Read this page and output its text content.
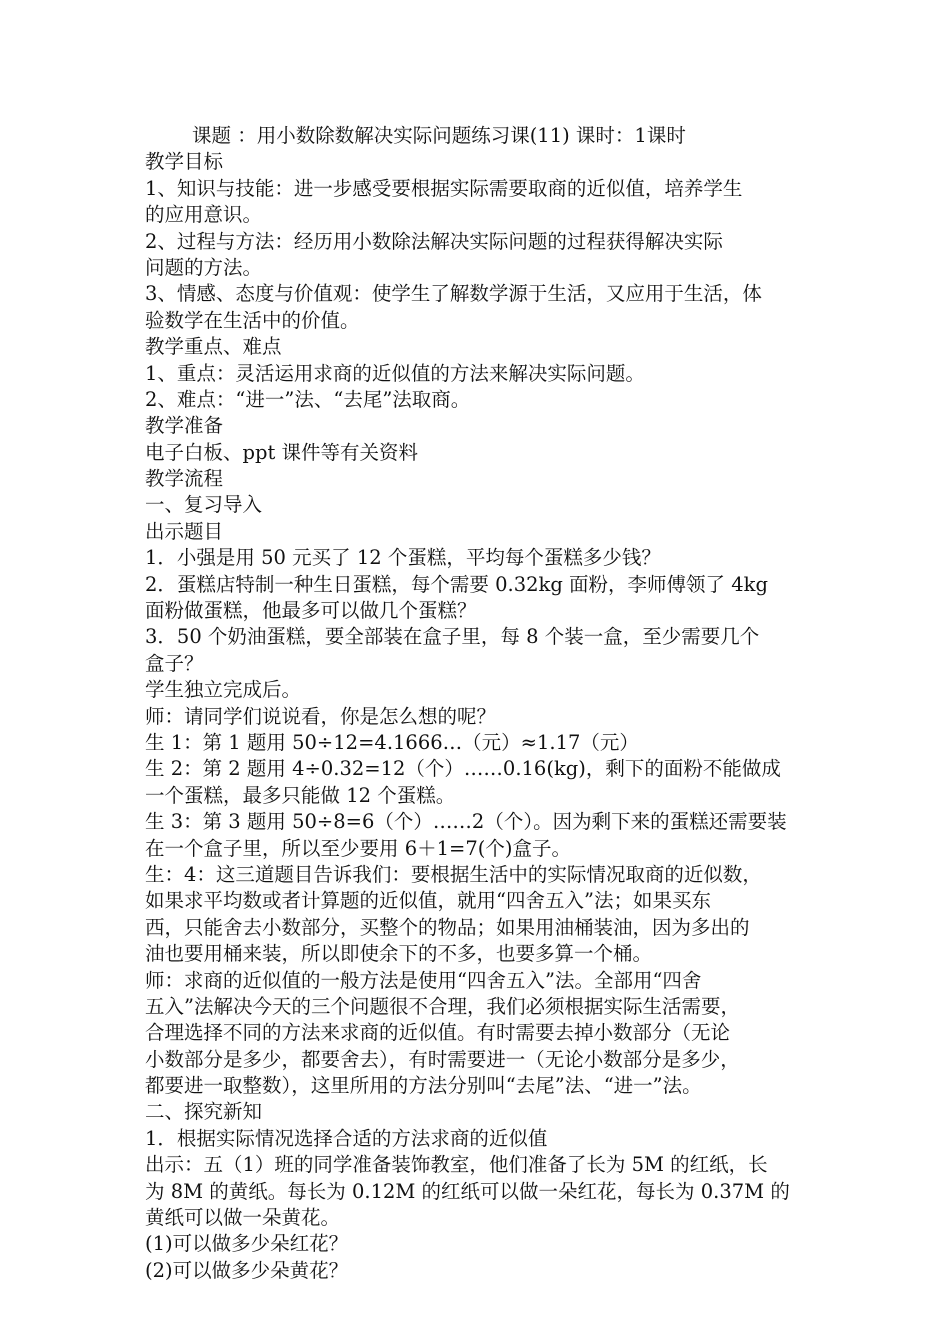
课题 ：用小数除数解决实际问题练习课(11) 课时：1课时
教学目标
1、知识与技能：进一步感受要根据实际需要取商的近似值，培养学生
的应用意识。
2、过程与方法：经历用小数除法解决实际问题的过程获得解决实际
问题的方法。
3、情感、态度与价值观：使学生了解数学源于生活，又应用于生活，体
验数学在生活中的价值。
教学重点、难点
1、重点：灵活运用求商的近似值的方法来解决实际问题。
2、难点：“进一”法、“去尾”法取商。
教学准备
电子白板、ppt 课件等有关资料
教学流程
一、复习导入
出示题目
1．小强是用 50 元买了 12 个蛋糕，平均每个蛋糕多少钱？
2．蛋糕店特制一种生日蛋糕，每个需要 0.32kg 面粉，李师傅领了 4kg
面粉做蛋糕，他最多可以做几个蛋糕？
3．50 个奶油蛋糕，要全部装在盒子里，每 8 个装一盒，至少需要几个
盒子？
学生独立完成后。
师：请同学们说说看，你是怎么想的呢？
生 1：第 1 题用 50÷12=4.1666…（元）≈1.17（元）
生 2：第 2 题用 4÷0.32=12（个）……0.16(kg)，剩下的面粉不能做成
一个蛋糕，最多只能做 12 个蛋糕。
生 3：第 3 题用 50÷8=6（个）……2（个）。因为剩下来的蛋糕还需要装
在一个盒子里，所以至少要用 6＋1=7(个)盒子。
生：4：这三道题目告诉我们：要根据生活中的实际情况取商的近似数，
如果求平均数或者计算题的近似值，就用“四舍五入”法；如果买东
西，只能舍去小数部分，买整个的物品；如果用油桶装油，因为多出的
油也要用桶来装，所以即使余下的不多，也要多算一个桶。
师：求商的近似值的一般方法是使用“四舍五入”法。全部用“四舍
五入”法解决今天的三个问题很不合理，我们必须根据实际生活需要，
合理选择不同的方法来求商的近似值。有时需要去掉小数部分（无论
小数部分是多少，都要舍去），有时需要进一（无论小数部分是多少，
都要进一取整数），这里所用的方法分别叫“去尾”法、“进一”法。
二、探究新知
1．根据实际情况选择合适的方法求商的近似值
出示：五（1）班的同学准备装饰教室，他们准备了长为 5M 的红纸，长
为 8M 的黄纸。每长为 0.12M 的红纸可以做一朵红花，每长为 0.37M 的
黄纸可以做一朵黄花。
(1)可以做多少朵红花？
(2)可以做多少朵黄花？
